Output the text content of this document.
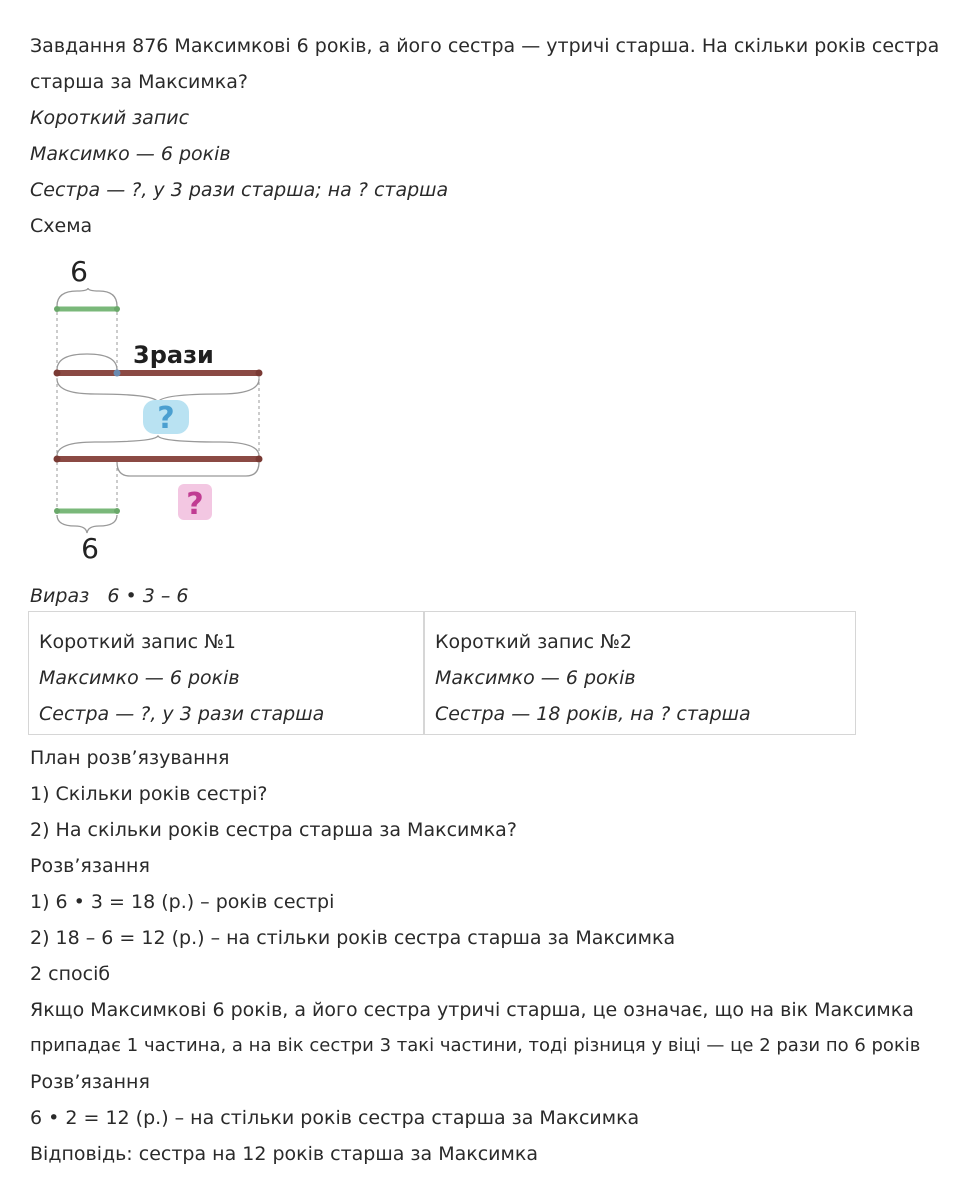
Завдання 876 Максимкові 6 років, а його сестра — утричі старша. На скільки років сестра
старша за Максимка?
Короткий запис
Максимко — 6 років
Сестра — ?, у 3 рази старша; на ? старша
Схема
6
3рази
?
?
6
Вираз 6 • 3 – 6
Короткий запис №1
Максимко — 6 років
Сестра — ?, у 3 рази старша
Короткий запис №2
Максимко — 6 років
Сестра — 18 років, на ? старша
План розв’язування
1) Скільки років сестрі?
2) На скільки років сестра старша за Максимка?
Розв’язання
1) 6 • 3 = 18 (р.) – років сестрі
2) 18 – 6 = 12 (р.) – на стільки років сестра старша за Максимка
2 спосіб
Якщо Максимкові 6 років, а його сестра утричі старша, це означає, що на вік Максимка
припадає 1 частина, а на вік сестри 3 такі частини, тоді різниця у віці — це 2 рази по 6 років
Розв’язання
6 • 2 = 12 (р.) – на стільки років сестра старша за Максимка
Відповідь: сестра на 12 років старша за Максимка
